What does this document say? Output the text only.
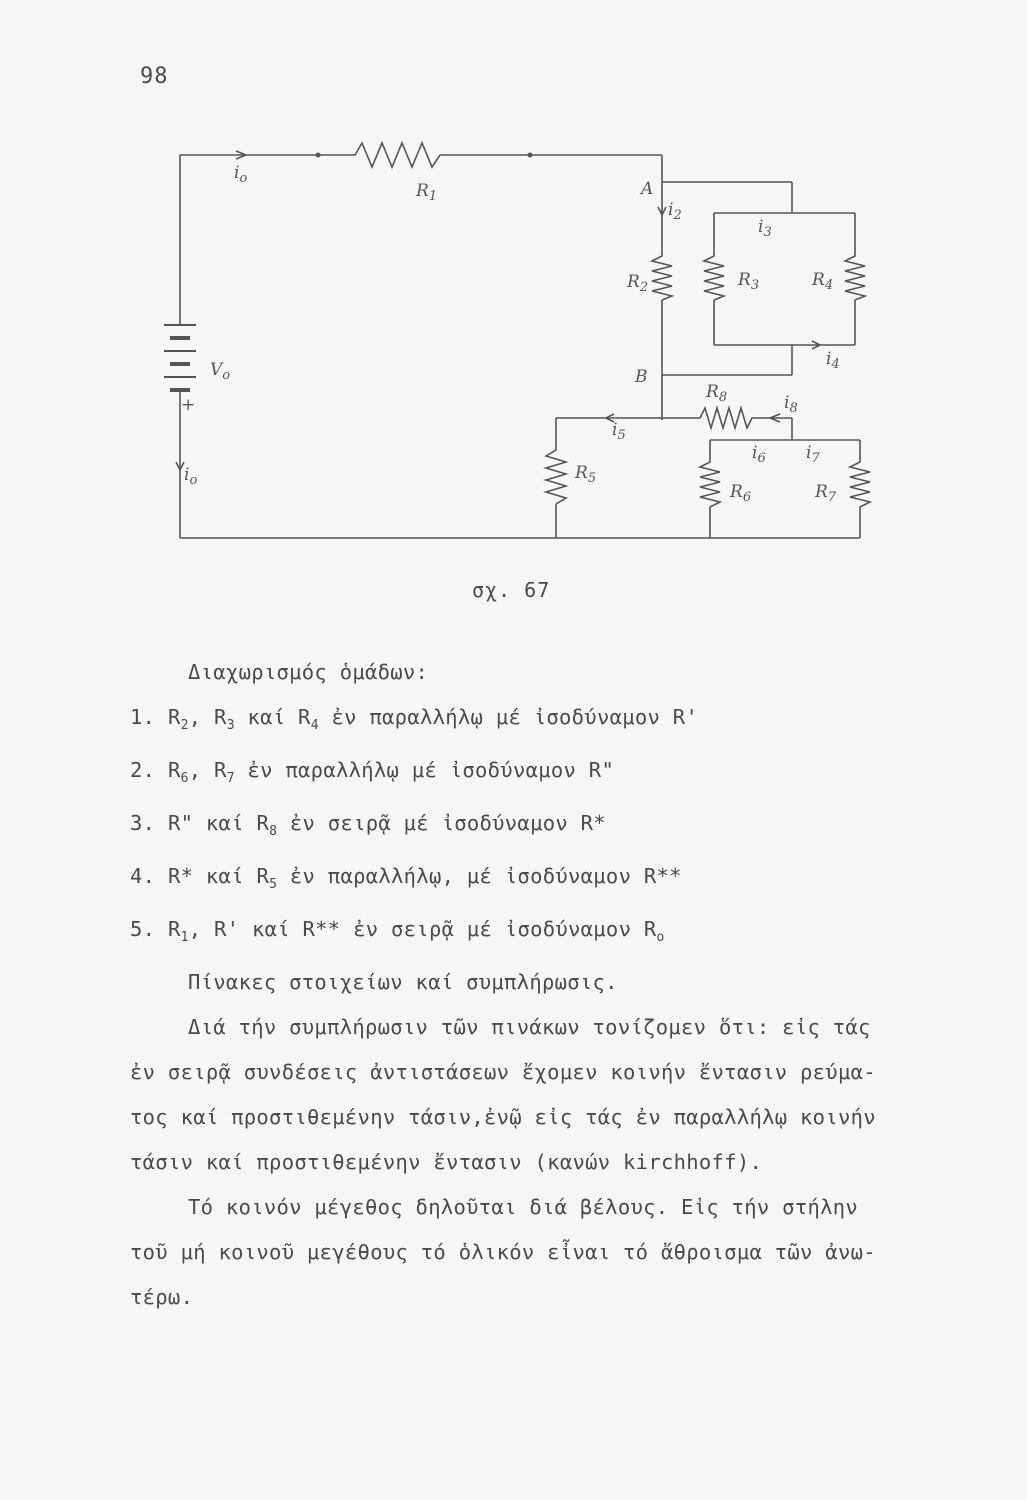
98
$i_o$
$R_1$	A
$i_2$
$i_3$
$R_2$	$R_3$	$R_4$
$i_4$
$V_o$
+
B
$R_8$	$i_8$
$i_5$
$R_5$
$i_6$ $i_7$
$R_6$	$R_7$
$i_o$
σχ. 67
Διαχωρισμός ὁμάδων:
1. $R_2$, $R_3$ καί $R_4$ ἐν παραλλήλῳ μέ ἰσοδύναμον R'
2. $R_6$, $R_7$ ἐν παραλλήλῳ μέ ἰσοδύναμον R"
3. R" καί $R_8$ ἐν σειρᾷ μέ ἰσοδύναμον R*
4. R* καί $R_5$ ἐν παραλλήλῳ, μέ ἰσοδύναμον R**
5. $R_1$, R' καί R** ἐν σειρᾷ μέ ἰσοδύναμον $R_o$
Πίνακες στοιχείων καί συμπλήρωσις.
Διά τήν συμπλήρωσιν τῶν πινάκων τονίζομεν ὅτι: εἰς τάς
ἐν σειρᾷ συνδέσεις ἀντιστάσεων ἔχομεν κοινήν ἔντασιν ρεύμα-
τος καί προστιθεμένην τάσιν,ἐνῷ εἰς τάς ἐν παραλλήλῳ κοινήν
τάσιν καί προστιθεμένην ἔντασιν (κανών kirchhoff).
Τό κοινόν μέγεθος δηλοῦται διά βέλους. Εἰς τήν στήλην
τοῦ μή κοινοῦ μεγέθους τό ὁλικόν εἶναι τό ἄθροισμα τῶν ἀνω-
τέρω.
